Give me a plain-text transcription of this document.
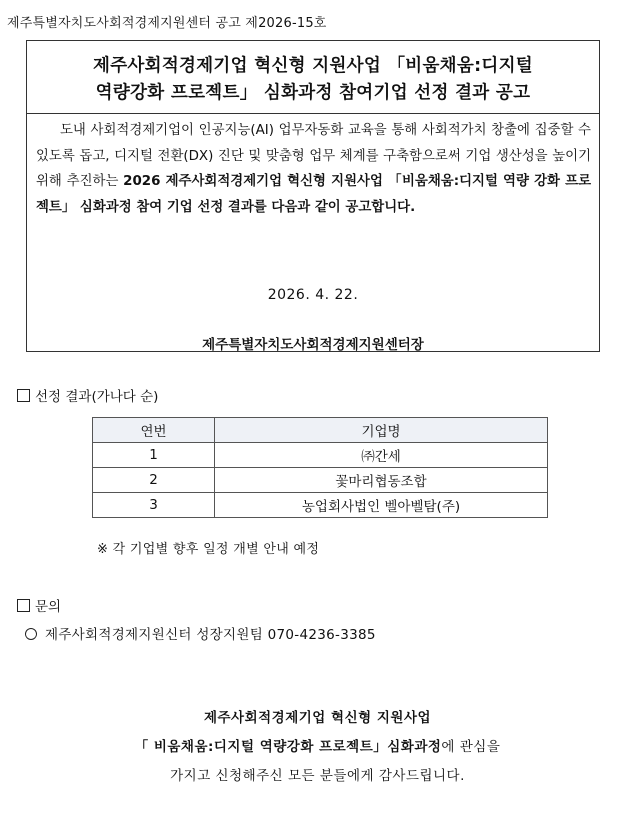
제주특별자치도사회적경제지원센터 공고 제2026-15호
제주사회적경제기업 혁신형 지원사업 「비움채움:디지털
역량강화 프로젝트」 심화과정 참여기업 선정 결과 공고
도내 사회적경제기업이 인공지능(AI) 업무자동화 교육을 통해 사회적가치 창출에 집중할 수 있도록 돕고, 디지털 전환(DX) 진단 및 맞춤형 업무 체계를 구축함으로써 기업 생산성을 높이기 위해 추진하는 2026 제주사회적경제기업 혁신형 지원사업 「비움채움:디지털 역량 강화 프로젝트」 심화과정 참여 기업 선정 결과를 다음과 같이 공고합니다.
2026. 4. 22.
제주특별자치도사회적경제지원센터장
선정 결과(가나다 순)
연번	기업명
1	㈜간세
2	꽃마리협동조합
3	농업회사법인 벨아벨탐(주)
※ 각 기업별 향후 일정 개별 안내 예정
문의
제주사회적경제지원신터 성장지원팀 070-4236-3385
제주사회적경제기업 혁신형 지원사업
「 비움채움:디지털 역량강화 프로젝트」심화과정에 관심을
가지고 신청해주신 모든 분들에게 감사드립니다.
